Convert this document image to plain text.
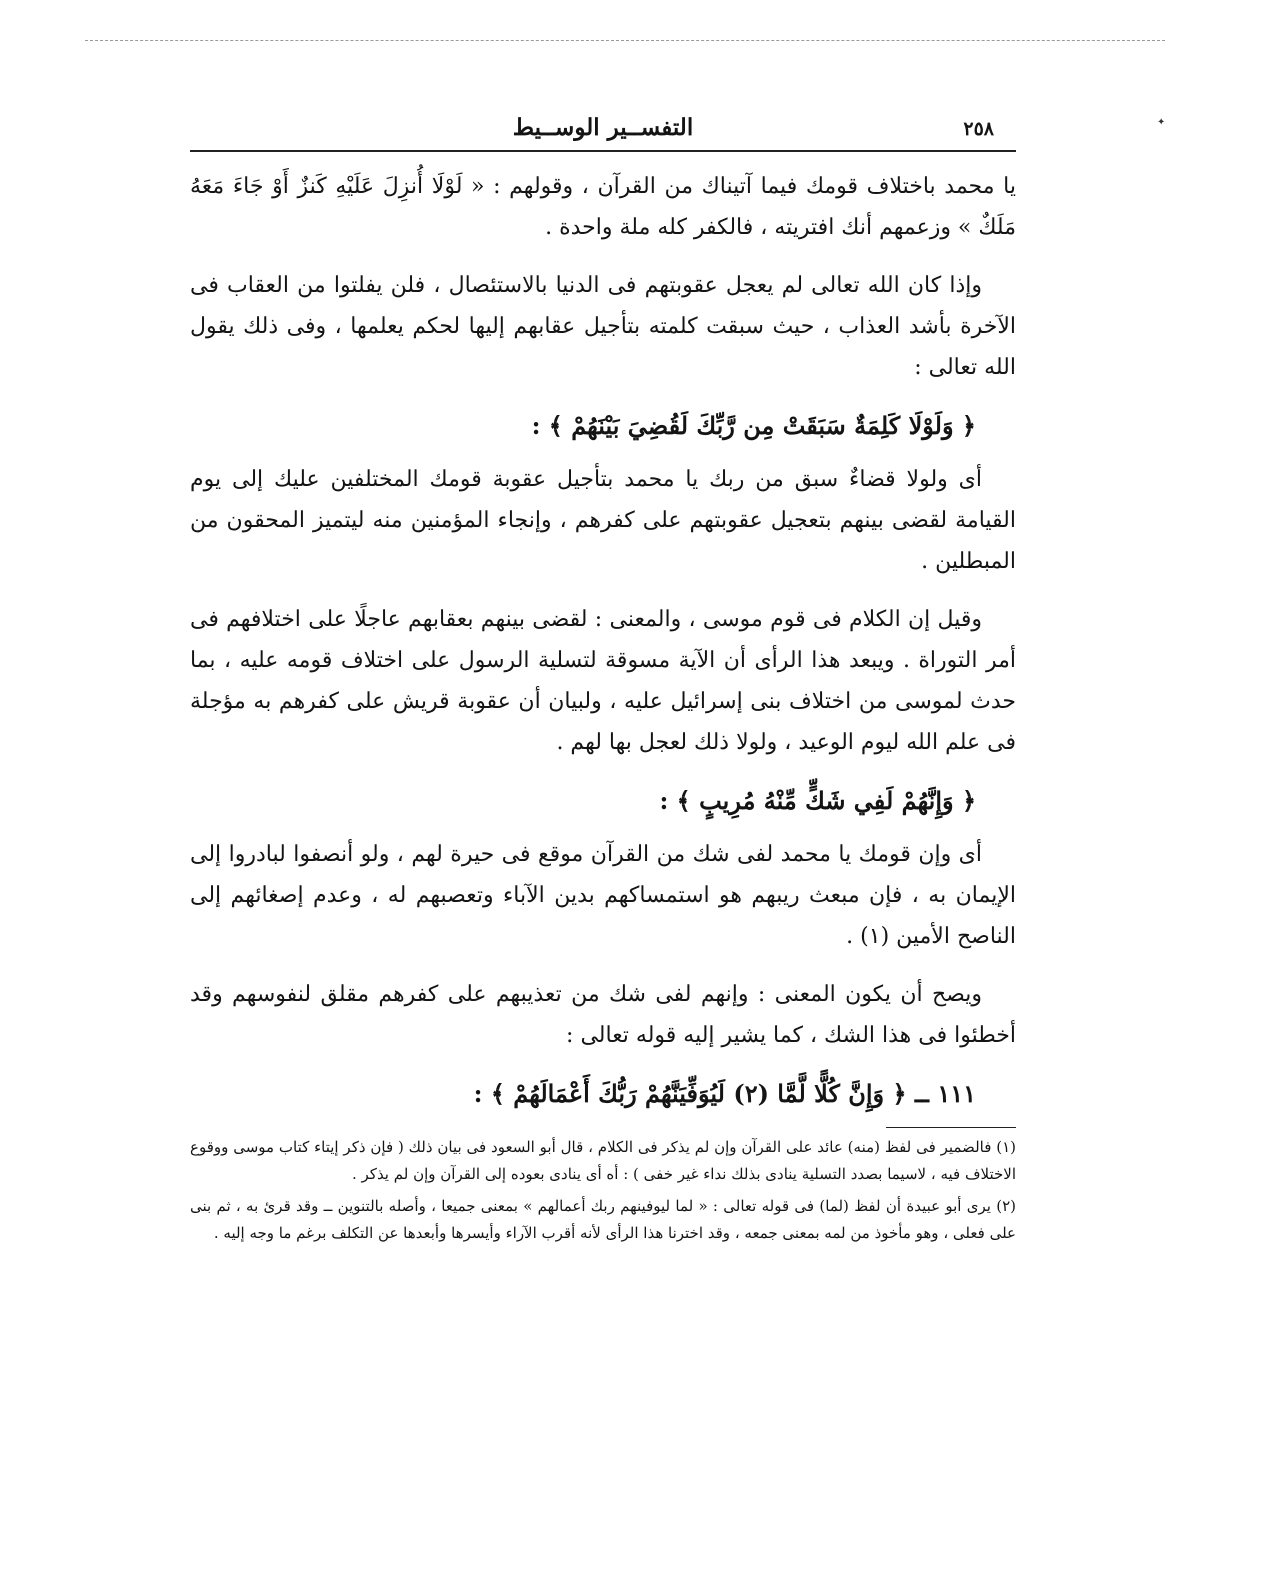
✦
التفســير الوســيط	٢٥٨

يا محمد باختلاف قومك فيما آتيناك من القرآن ، وقولهم : « لَوْلَا أُنزِلَ عَلَيْهِ كَنزٌ أَوْ جَاءَ مَعَهُ مَلَكٌ » وزعمهم أنك افتريته ، فالكفر كله ملة واحدة .

وإذا كان الله تعالى لم يعجل عقوبتهم فى الدنيا بالاستئصال ، فلن يفلتوا من العقاب فى الآخرة بأشد العذاب ، حيث سبقت كلمته بتأجيل عقابهم إليها لحكم يعلمها ، وفى ذلك يقول الله تعالى :

﴿ وَلَوْلَا كَلِمَةٌ سَبَقَتْ مِن رَّبِّكَ لَقُضِيَ بَيْنَهُمْ ﴾ :

أى ولولا قضاءٌ سبق من ربك يا محمد بتأجيل عقوبة قومك المختلفين عليك إلى يوم القيامة لقضى بينهم بتعجيل عقوبتهم على كفرهم ، وإنجاء المؤمنين منه ليتميز المحقون من المبطلين .

وقيل إن الكلام فى قوم موسى ، والمعنى : لقضى بينهم بعقابهم عاجلًا على اختلافهم فى أمر التوراة . ويبعد هذا الرأى أن الآية مسوقة لتسلية الرسول على اختلاف قومه عليه ، بما حدث لموسى من اختلاف بنى إسرائيل عليه ، ولبيان أن عقوبة قريش على كفرهم به مؤجلة فى علم الله ليوم الوعيد ، ولولا ذلك لعجل بها لهم .

﴿ وَإِنَّهُمْ لَفِي شَكٍّ مِّنْهُ مُرِيبٍ ﴾ :

أى وإن قومك يا محمد لفى شك من القرآن موقع فى حيرة لهم ، ولو أنصفوا لبادروا إلى الإيمان به ، فإن مبعث ريبهم هو استمساكهم بدين الآباء وتعصبهم له ، وعدم إصغائهم إلى الناصح الأمين (١) .

ويصح أن يكون المعنى : وإنهم لفى شك من تعذيبهم على كفرهم مقلق لنفوسهم وقد أخطئوا فى هذا الشك ، كما يشير إليه قوله تعالى :

١١١ ــ ﴿ وَإِنَّ كُلًّا لَّمَّا (٢) لَيُوَفِّيَنَّهُمْ رَبُّكَ أَعْمَالَهُمْ ﴾ :

(١) فالضمير فى لفظ (منه) عائد على القرآن وإن لم يذكر فى الكلام ، قال أبو السعود فى بيان ذلك ( فإن ذكر إيتاء كتاب موسى ووقوع الاختلاف فيه ، لاسيما بصدد التسلية ينادى بذلك نداء غير خفى ) : أه أى ينادى بعوده إلى القرآن وإن لم يذكر .

(٢) يرى أبو عبيدة أن لفظ (لما) فى قوله تعالى : « لما ليوفينهم ربك أعمالهم » بمعنى جميعا ، وأصله بالتنوين ــ وقد قرئ به ، ثم بنى على فعلى ، وهو مأخوذ من لمه بمعنى جمعه ، وقد اخترنا هذا الرأى لأنه أقرب الآراء وأيسرها وأبعدها عن التكلف برغم ما وجه إليه .
